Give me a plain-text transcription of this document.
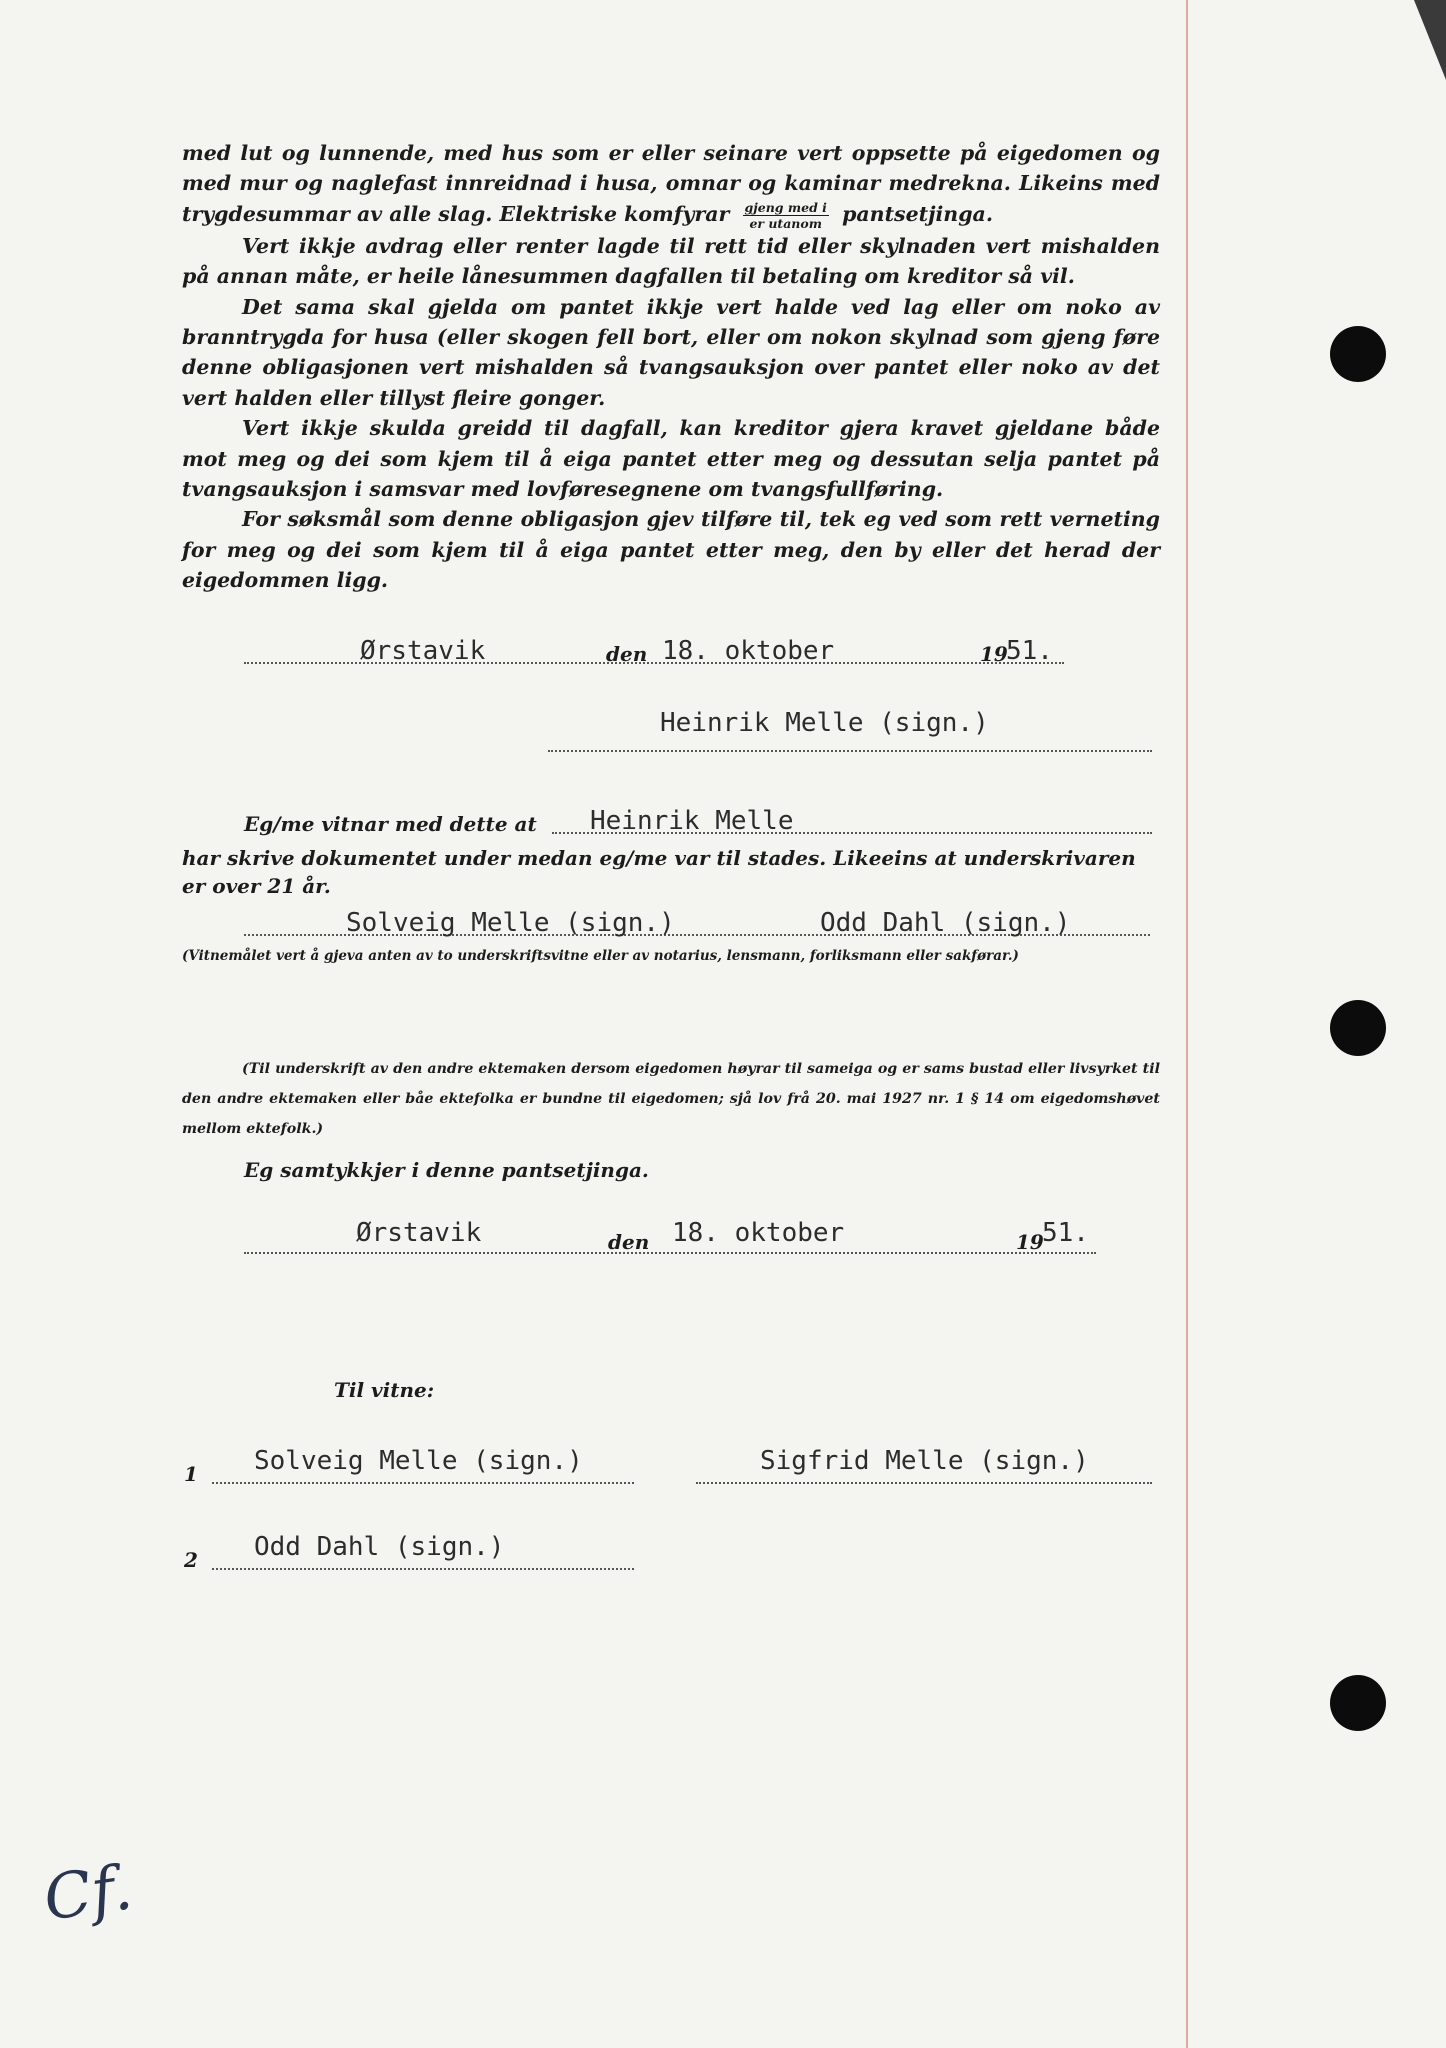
med lut og lunnende, med hus som er eller seinare vert oppsette på eigedomen og med mur og naglefast innreidnad i husa, omnar og kaminar medrekna. Likeins med trygdesummar av alle slag. Elektriske komfyrar $\frac{\text{gjeng med i}}{\text{er utanom}}$ pantsetjinga.

Vert ikkje avdrag eller renter lagde til rett tid eller skylnaden vert mishalden på annan måte, er heile lånesummen dagfallen til betaling om kreditor så vil.

Det sama skal gjelda om pantet ikkje vert halde ved lag eller om noko av branntrygda for husa (eller skogen fell bort, eller om nokon skylnad som gjeng føre denne obligasjonen vert mishalden så tvangsauksjon over pantet eller noko av det vert halden eller tillyst fleire gonger.

Vert ikkje skulda greidd til dagfall, kan kreditor gjera kravet gjeldane både mot meg og dei som kjem til å eiga pantet etter meg og dessutan selja pantet på tvangsauksjon i samsvar med lovføresegnene om tvangsfullføring.

For søksmål som denne obligasjon gjev tilføre til, tek eg ved som rett verneting for meg og dei som kjem til å eiga pantet etter meg, den by eller det herad der eigedommen ligg.

Ørstavik	den 18. oktober	19
51.
Heinrik Melle (sign.)
Eg/me vitnar med dette at Heinrik Melle
har skrive dokumentet under medan eg/me var til stades. Likeeins at underskrivaren
er over 21 år.
Solveig Melle (sign.)	Odd Dahl (sign.)
(Vitnemålet vert å gjeva anten av to underskriftsvitne eller av notarius, lensmann, forliksmann eller sakførar.)
(Til underskrift av den andre ektemaken dersom eigedomen høyrar til sameiga og er sams bustad eller livsyrket til den andre ektemaken eller båe ektefolka er bundne til eigedomen; sjå lov frå 20. mai 1927 nr. 1 § 14 om eigedomshøvet mellom ektefolk.)
Eg samtykkjer i denne pantsetjinga.
Ørstavik	den 18. oktober	19
51.
Til vitne:
1 Solveig Melle (sign.)	Sigfrid Melle (sign.)
2 Odd Dahl (sign.)
Cf.
